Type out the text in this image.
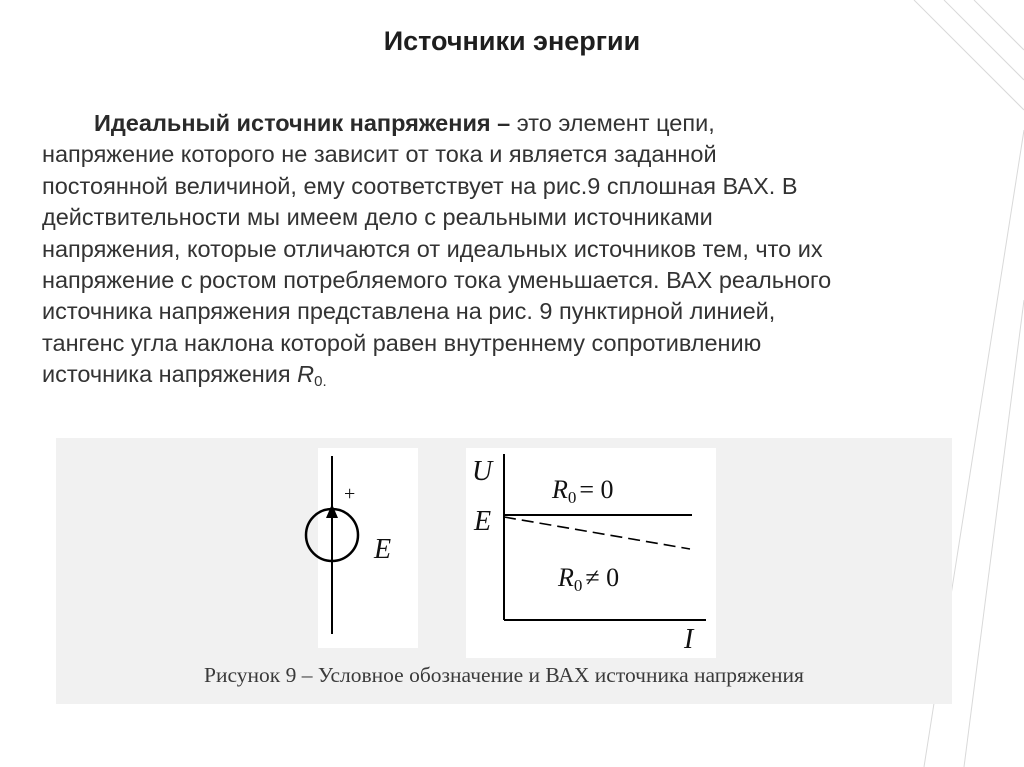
Источники энергии
Идеальный источник напряжения – это элемент цепи,
напряжение которого не зависит от тока и является заданной
постоянной величиной, ему соответствует на рис.9 сплошная ВАХ. В
действительности мы имеем дело с реальными источниками
напряжения, которые отличаются от идеальных источников тем, что их
напряжение с ростом потребляемого тока уменьшается. ВАХ реального
источника напряжения представлена на рис. 9 пунктирной линией,
тангенс угла наклона которой равен внутреннему сопротивлению
источника напряжения $R_{0.}$
+
E
U
I
E
R0 = 0
R0 ≠ 0
Рисунок 9 – Условное обозначение и ВАХ источника напряжения
